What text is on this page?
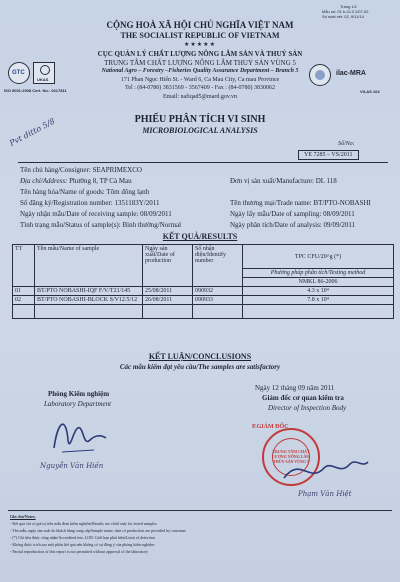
Trang 1/1
Mẫu số: 01 b-CL3 1/07-02
Số soát xét: 02, 9/11/14
CỘNG HOÀ XÃ HỘI CHỦ NGHĨA VIỆT NAM
THE SOCIALIST REPUBLIC OF VIETNAM
★★★★★
CỤC QUẢN LÝ CHẤT LƯỢNG NÔNG LÂM SẢN VÀ THUỶ SẢN
TRUNG TÂM CHẤT LƯỢNG NÔNG LÂM THUỶ SẢN VÙNG 5
National Agro – Forestry –Fisheries Quality Assurance Department – Branch 5
171 Phan Ngọc Hiển St. - Ward 6, Ca Mau City, Ca mau Province
Tel : (84-0780) 3831569 - 3567409 - Fax : (84-0780) 3830062
Email: nafiqad5@mard.gov.vn
GTC
UKAS
ISO 9001:2008 Cert. No.: 0217811
ilac-MRA
VILAS 104
PHIẾU PHÂN TÍCH VI SINH
MICROBIOLOGICAL ANALYSIS
Pvt ditto 5/8	Số/No:
YE 7285 – VS/2011
Tên chủ hàng/Consigner: SEAPRIMEXCO
Địa chỉ/Address: Phường 8, TP Cà Mau
Tên hàng hóa/Name of goods: Tôm đông lạnh
Số đăng ký/Registration number: 1351183Y/2011
Ngày nhận mẫu/Date of receiving sample: 08/09/2011
Tình trạng mẫu/Status of sample(s): Bình thường/Normal
Đơn vị sản xuất/Manufacture: DL 118
Tên thương mại/Trade name: BT/PTO-NOBASHI
Ngày lấy mẫu/Date of sampling: 08/09/2011
Ngày phân tích/Date of analysis: 09/09/2011
KẾT QUẢ/RESULTS
TT	Tên mẫu/Name of sample	Ngày sản xuất/Date of production	Số nhận diện/Identify number	TPC CFU/20^g (*)
				Phương pháp phân tích/Testing method
				NMKL 86-2006
01	BT/PTO NOBASHI-IQF F/V/T21/145	25/08/2011	090932	4.3 x 10⁴
02	BT/PTO NOBASHI-BLOCK S/V12.5/12	26/08/2011	090933	7.8 x 10⁴

KẾT LUẬN/CONCLUSIONS
Các mẫu kiểm đạt yêu cầu/The samples are satisfactory
Ngày 12 tháng 09 năm 2011
Phòng Kiểm nghiệm
Laboratory Department
Giám đốc cơ quan kiểm tra
Director of Inspection Body
Nguyễn Văn Hiền
P.GIÁM ĐỐC
TRUNG TÂM CHẤT LƯỢNG NÔNG LÂM THỦY SẢN VÙNG 5
Phạm Văn Hiệt
Ghi chú/Notes:
- Kết quả chỉ có giá trị trên mẫu đem kiểm nghiệm/Results are valid only for tested samples
- Tên mẫu, ngày sản xuất do khách hàng cung cấp/Sample name, date of production are provided by customer
- (*) Chỉ tiêu được công nhận/Accredited test; LOD: Giới hạn phát hiện/Limit of detection
- Không được trích sao một phần kết quả nếu không có sự đồng ý của phòng kiểm nghiệm
- Partial reproduction of this report is not permitted without approval of the laboratory
